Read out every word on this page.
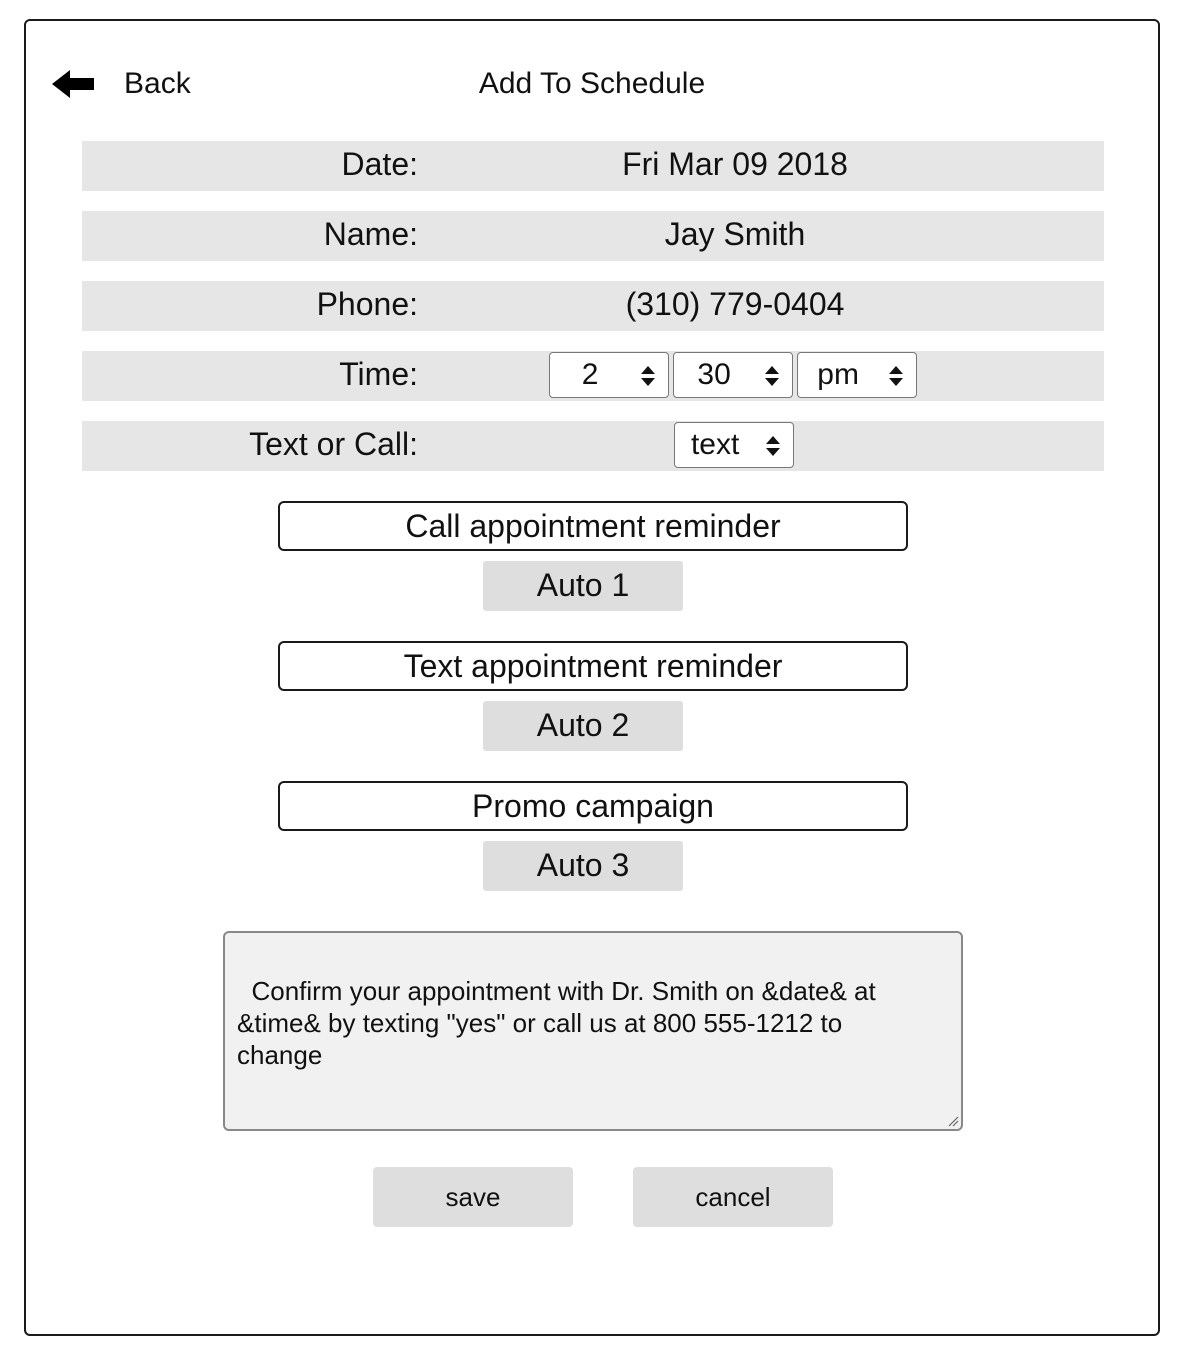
Back	Add To Schedule
Date:	Fri Mar 09 2018
Name:	Jay Smith
Phone:	(310) 779-0404
Time:	2	30	pm
Text or Call:	text
Call appointment reminder
Auto 1
Text appointment reminder
Auto 2
Promo campaign
Auto 3

Confirm your appointment with Dr. Smith on &date& at
&time& by texting "yes" or call us at 800 555-1212 to
change

save	cancel
